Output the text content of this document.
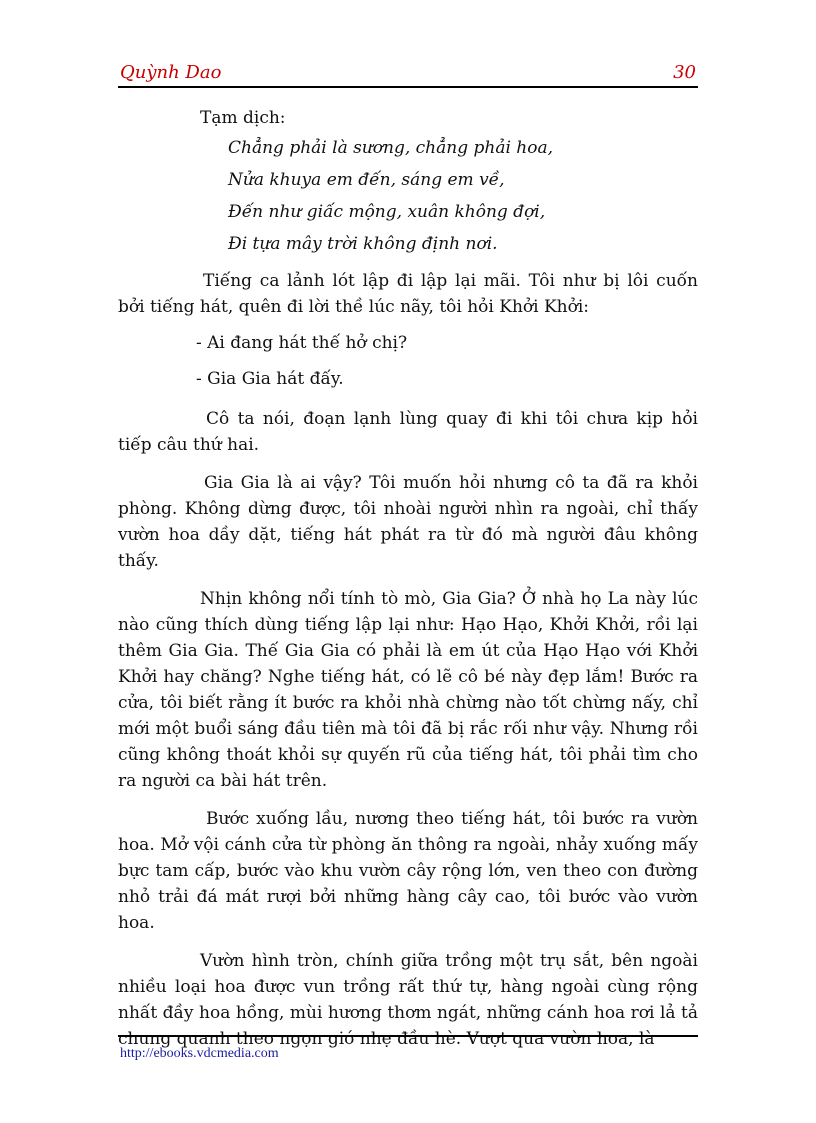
Quỳnh Dao	30

Tạm dịch:

Chẳng phải là sương, chẳng phải hoa,

Nửa khuya em đến, sáng em về,

Đến như giấc mộng, xuân không đợi,

Đi tựa mây trời không định nơi.

Tiếng ca lảnh lót lập đi lập lại mãi. Tôi như bị lôi cuốn bởi tiếng hát, quên đi lời thề lúc nãy, tôi hỏi Khởi Khởi:

- Ai đang hát thế hở chị?

- Gia Gia hát đấy.

Cô ta nói, đoạn lạnh lùng quay đi khi tôi chưa kịp hỏi tiếp câu thứ hai.

Gia Gia là ai vậy? Tôi muốn hỏi nhưng cô ta đã ra khỏi phòng. Không dừng được, tôi nhoài người nhìn ra ngoài, chỉ thấy vườn hoa dầy dặt, tiếng hát phát ra từ đó mà người đâu không thấy.

Nhịn không nổi tính tò mò, Gia Gia? Ở nhà họ La này lúc nào cũng thích dùng tiếng lập lại như: Hạo Hạo, Khởi Khởi, rồi lại thêm Gia Gia. Thế Gia Gia có phải là em út của Hạo Hạo với Khởi Khởi hay chăng? Nghe tiếng hát, có lẽ cô bé này đẹp lắm! Bước ra cửa, tôi biết rằng ít bước ra khỏi nhà chừng nào tốt chừng nấy, chỉ mới một buổi sáng đầu tiên mà tôi đã bị rắc rối như vậy. Nhưng rồi cũng không thoát khỏi sự quyến rũ của tiếng hát, tôi phải tìm cho ra người ca bài hát trên.

Bước xuống lầu, nương theo tiếng hát, tôi bước ra vườn hoa. Mở vội cánh cửa từ phòng ăn thông ra ngoài, nhảy xuống mấy bực tam cấp, bước vào khu vườn cây rộng lớn, ven theo con đường nhỏ trải đá mát rượi bởi những hàng cây cao, tôi bước vào vườn hoa.

Vườn hình tròn, chính giữa trồng một trụ sắt, bên ngoài nhiều loại hoa được vun trồng rất thứ tự, hàng ngoài cùng rộng nhất đầy hoa hồng, mùi hương thơm ngát, những cánh hoa rơi lả tả chung quanh theo ngọn gió nhẹ đầu hè. Vượt qua vườn hoa, là

http://ebooks.vdcmedia.com
